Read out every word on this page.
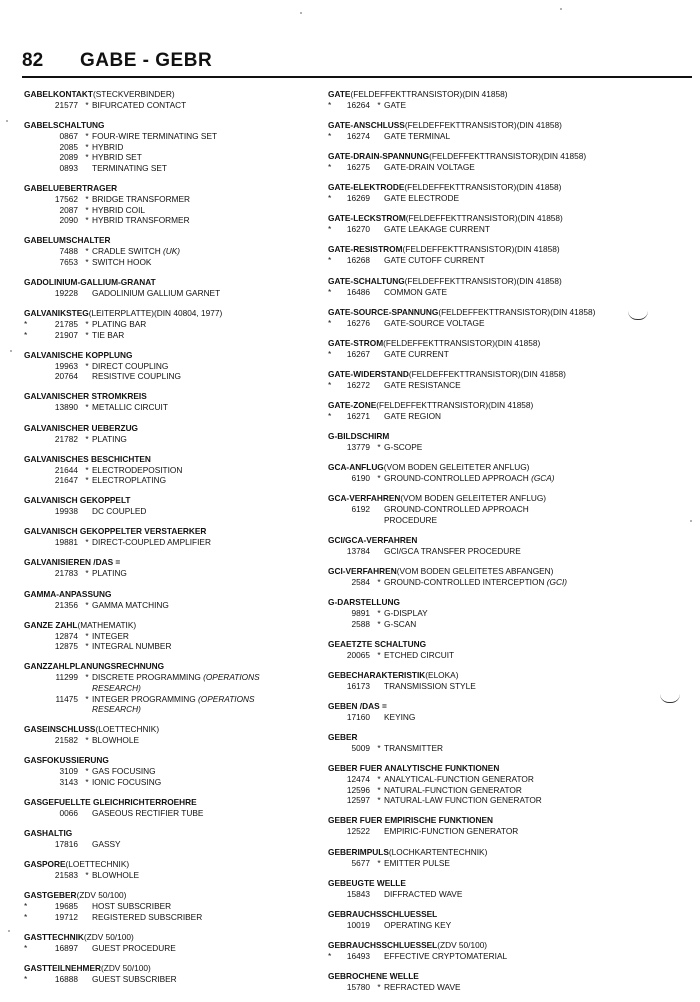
82 GABE - GEBR
GABELKONTAKT(STECKVERBINDER)
21577 * BIFURCATED CONTACT
GABELSCHALTUNG
0867 * FOUR-WIRE TERMINATING SET
2085 * HYBRID
2089 * HYBRID SET
0893	TERMINATING SET
GABELUEBERTRAGER
17562 * BRIDGE TRANSFORMER
2087 * HYBRID COIL
2090 * HYBRID TRANSFORMER
GABELUMSCHALTER
7488 * CRADLE SWITCH (UK)
7653 * SWITCH HOOK
GADOLINIUM-GALLIUM-GRANAT
19228	GADOLINIUM GALLIUM GARNET
GALVANIKSTEG(LEITERPLATTE)(DIN 40804, 1977)
*	21785 * PLATING BAR
*	21907 * TIE BAR
GALVANISCHE KOPPLUNG
19963 * DIRECT COUPLING
20764	RESISTIVE COUPLING
GALVANISCHER STROMKREIS
13890 * METALLIC CIRCUIT
GALVANISCHER UEBERZUG
21782 * PLATING
GALVANISCHES BESCHICHTEN
21644 * ELECTRODEPOSITION
21647 * ELECTROPLATING
GALVANISCH GEKOPPELT
19938	DC COUPLED
GALVANISCH GEKOPPELTER VERSTAERKER
19881 * DIRECT-COUPLED AMPLIFIER
GALVANISIEREN /DAS =
21783 * PLATING
GAMMA-ANPASSUNG
21356 * GAMMA MATCHING
GANZE ZAHL(MATHEMATIK)
12874 * INTEGER
12875 * INTEGRAL NUMBER
GANZZAHLPLANUNGSRECHNUNG
11299 * DISCRETE PROGRAMMING (OPERATIONS
RESEARCH)
11475 * INTEGER PROGRAMMING (OPERATIONS
RESEARCH)
GASEINSCHLUSS(LOETTECHNIK)
21582 * BLOWHOLE
GASFOKUSSIERUNG
3109 * GAS FOCUSING
3143 * IONIC FOCUSING
GASGEFUELLTE GLEICHRICHTERROEHRE
0066	GASEOUS RECTIFIER TUBE
GASHALTIG
17816	GASSY
GASPORE(LOETTECHNIK)
21583 * BLOWHOLE
GASTGEBER(ZDV 50/100)
*	19685	HOST SUBSCRIBER
*	19712	REGISTERED SUBSCRIBER
GASTTECHNIK(ZDV 50/100)
*	16897	GUEST PROCEDURE
GASTTEILNEHMER(ZDV 50/100)
*	16888	GUEST SUBSCRIBER
GATE(FELDEFFEKTTRANSISTOR)(DIN 41858)
*	16264 * GATE
GATE-ANSCHLUSS(FELDEFFEKTTRANSISTOR)(DIN 41858)
*	16274	GATE TERMINAL
GATE-DRAIN-SPANNUNG(FELDEFFEKTTRANSISTOR)(DIN 41858)
*	16275	GATE-DRAIN VOLTAGE
GATE-ELEKTRODE(FELDEFFEKTTRANSISTOR)(DIN 41858)
*	16269	GATE ELECTRODE
GATE-LECKSTROM(FELDEFFEKTTRANSISTOR)(DIN 41858)
*	16270	GATE LEAKAGE CURRENT
GATE-RESISTROM(FELDEFFEKTTRANSISTOR)(DIN 41858)
*	16268	GATE CUTOFF CURRENT
GATE-SCHALTUNG(FELDEFFEKTTRANSISTOR)(DIN 41858)
*	16486	COMMON GATE
GATE-SOURCE-SPANNUNG(FELDEFFEKTTRANSISTOR)(DIN 41858)
*	16276	GATE-SOURCE VOLTAGE
GATE-STROM(FELDEFFEKTTRANSISTOR)(DIN 41858)
*	16267	GATE CURRENT
GATE-WIDERSTAND(FELDEFFEKTTRANSISTOR)(DIN 41858)
*	16272	GATE RESISTANCE
GATE-ZONE(FELDEFFEKTTRANSISTOR)(DIN 41858)
*	16271	GATE REGION
G-BILDSCHIRM
13779 * G-SCOPE
GCA-ANFLUG(VOM BODEN GELEITETER ANFLUG)
6190 * GROUND-CONTROLLED APPROACH (GCA)
GCA-VERFAHREN(VOM BODEN GELEITETER ANFLUG)
6192	GROUND-CONTROLLED APPROACH
PROCEDURE
GCI/GCA-VERFAHREN
13784	GCI/GCA TRANSFER PROCEDURE
GCI-VERFAHREN(VOM BODEN GELEITETES ABFANGEN)
2584 * GROUND-CONTROLLED INTERCEPTION (GCI)
G-DARSTELLUNG
9891 * G-DISPLAY
2588 * G-SCAN
GEAETZTE SCHALTUNG
20065 * ETCHED CIRCUIT
GEBECHARAKTERISTIK(ELOKA)
16173	TRANSMISSION STYLE
GEBEN /DAS =
17160	KEYING
GEBER
5009 * TRANSMITTER
GEBER FUER ANALYTISCHE FUNKTIONEN
12474 * ANALYTICAL-FUNCTION GENERATOR
12596 * NATURAL-FUNCTION GENERATOR
12597 * NATURAL-LAW FUNCTION GENERATOR
GEBER FUER EMPIRISCHE FUNKTIONEN
12522	EMPIRIC-FUNCTION GENERATOR
GEBERIMPULS(LOCHKARTENTECHNIK)
5677 * EMITTER PULSE
GEBEUGTE WELLE
15843	DIFFRACTED WAVE
GEBRAUCHSSCHLUESSEL
10019	OPERATING KEY
GEBRAUCHSSCHLUESSEL(ZDV 50/100)
*	16493	EFFECTIVE CRYPTOMATERIAL
GEBROCHENE WELLE
15780 * REFRACTED WAVE
